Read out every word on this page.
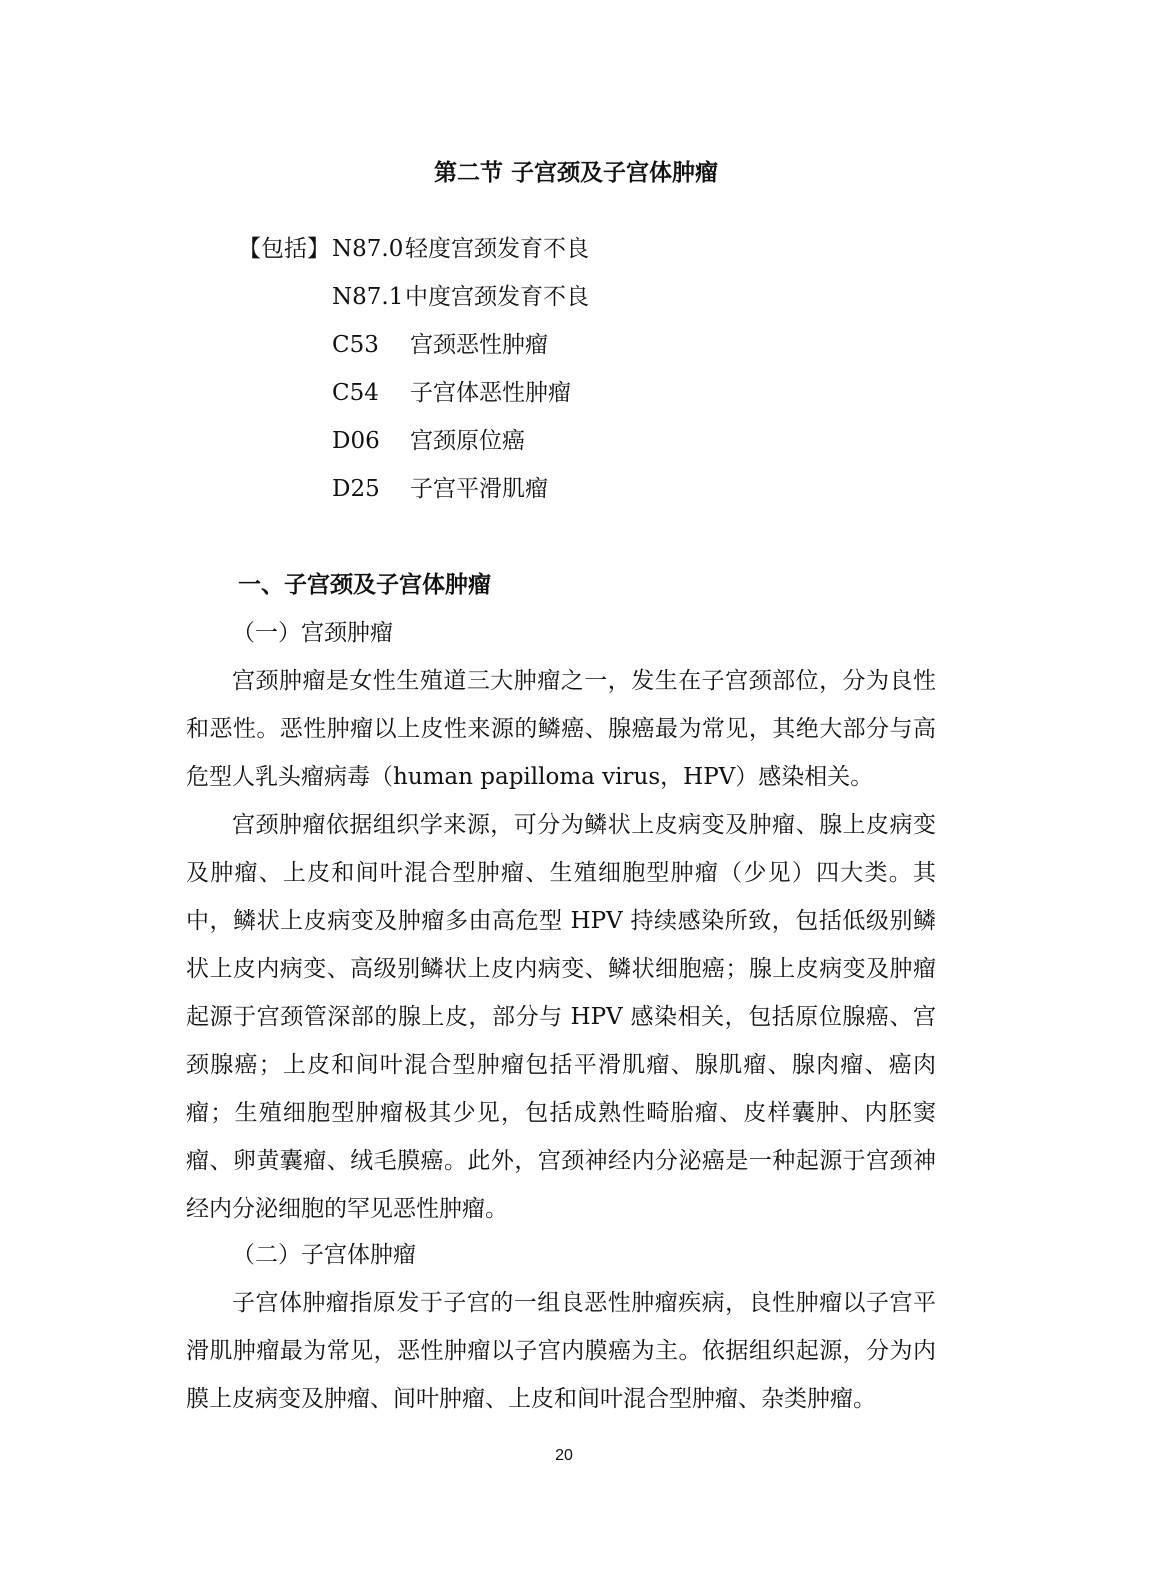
第二节 子宫颈及子宫体肿瘤
【包括】 N87.0 轻度宫颈发育不良
N87.1 中度宫颈发育不良
C53 宫颈恶性肿瘤
C54 子宫体恶性肿瘤
D06 宫颈原位癌
D25 子宫平滑肌瘤
一、子宫颈及子宫体肿瘤
（一）宫颈肿瘤

宫颈肿瘤是女性生殖道三大肿瘤之一，发生在子宫颈部位，分为良性和恶性。恶性肿瘤以上皮性来源的鳞癌、腺癌最为常见，其绝大部分与高危型人乳头瘤病毒（human papilloma virus，HPV）感染相关。

宫颈肿瘤依据组织学来源，可分为鳞状上皮病变及肿瘤、腺上皮病变及肿瘤、上皮和间叶混合型肿瘤、生殖细胞型肿瘤（少见）四大类。其中，鳞状上皮病变及肿瘤多由高危型 HPV 持续感染所致，包括低级别鳞状上皮内病变、高级别鳞状上皮内病变、鳞状细胞癌；腺上皮病变及肿瘤起源于宫颈管深部的腺上皮，部分与 HPV 感染相关，包括原位腺癌、宫颈腺癌；上皮和间叶混合型肿瘤包括平滑肌瘤、腺肌瘤、腺肉瘤、癌肉瘤；生殖细胞型肿瘤极其少见，包括成熟性畸胎瘤、皮样囊肿、内胚窦瘤、卵黄囊瘤、绒毛膜癌。此外，宫颈神经内分泌癌是一种起源于宫颈神经内分泌细胞的罕见恶性肿瘤。

（二）子宫体肿瘤

子宫体肿瘤指原发于子宫的一组良恶性肿瘤疾病，良性肿瘤以子宫平滑肌肿瘤最为常见，恶性肿瘤以子宫内膜癌为主。依据组织起源，分为内膜上皮病变及肿瘤、间叶肿瘤、上皮和间叶混合型肿瘤、杂类肿瘤。

20
